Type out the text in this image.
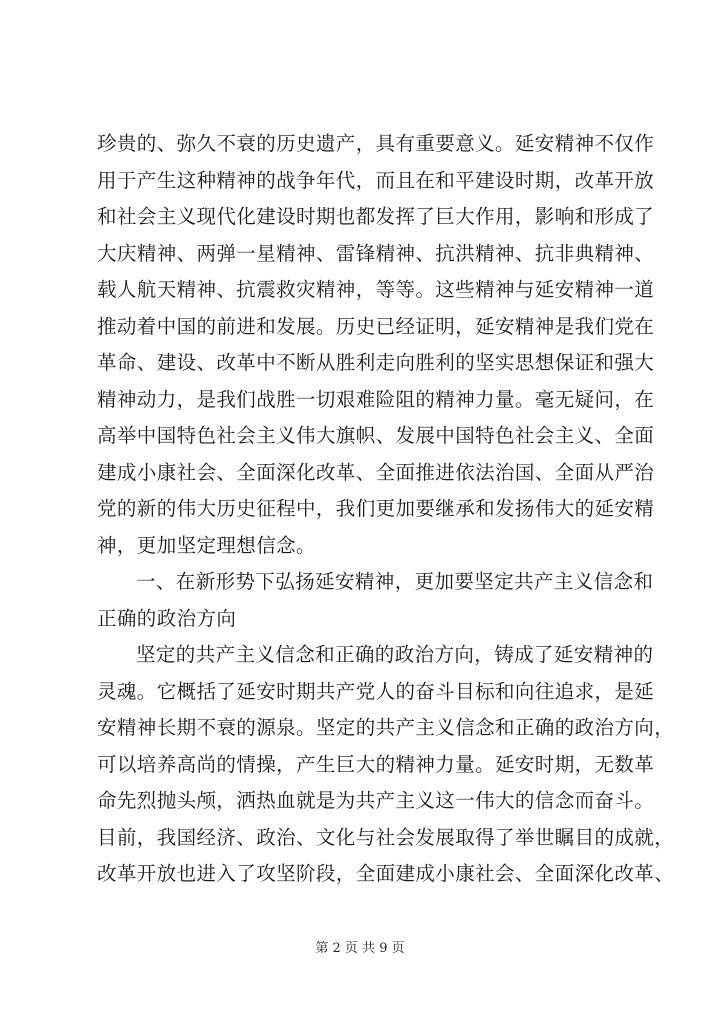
珍贵的、弥久不衰的历史遗产，具有重要意义。延安精神不仅作
用于产生这种精神的战争年代，而且在和平建设时期，改革开放
和社会主义现代化建设时期也都发挥了巨大作用，影响和形成了
大庆精神、两弹一星精神、雷锋精神、抗洪精神、抗非典精神、
载人航天精神、抗震救灾精神，等等。这些精神与延安精神一道
推动着中国的前进和发展。历史已经证明，延安精神是我们党在
革命、建设、改革中不断从胜利走向胜利的坚实思想保证和强大
精神动力，是我们战胜一切艰难险阻的精神力量。毫无疑问，在
高举中国特色社会主义伟大旗帜、发展中国特色社会主义、全面
建成小康社会、全面深化改革、全面推进依法治国、全面从严治
党的新的伟大历史征程中，我们更加要继承和发扬伟大的延安精
神，更加坚定理想信念。
一、在新形势下弘扬延安精神，更加要坚定共产主义信念和
正确的政治方向
坚定的共产主义信念和正确的政治方向，铸成了延安精神的
灵魂。它概括了延安时期共产党人的奋斗目标和向往追求，是延
安精神长期不衰的源泉。坚定的共产主义信念和正确的政治方向，
可以培养高尚的情操，产生巨大的精神力量。延安时期，无数革
命先烈抛头颅，洒热血就是为共产主义这一伟大的信念而奋斗。
目前，我国经济、政治、文化与社会发展取得了举世瞩目的成就，
改革开放也进入了攻坚阶段，全面建成小康社会、全面深化改革、
第 2 页 共 9 页
